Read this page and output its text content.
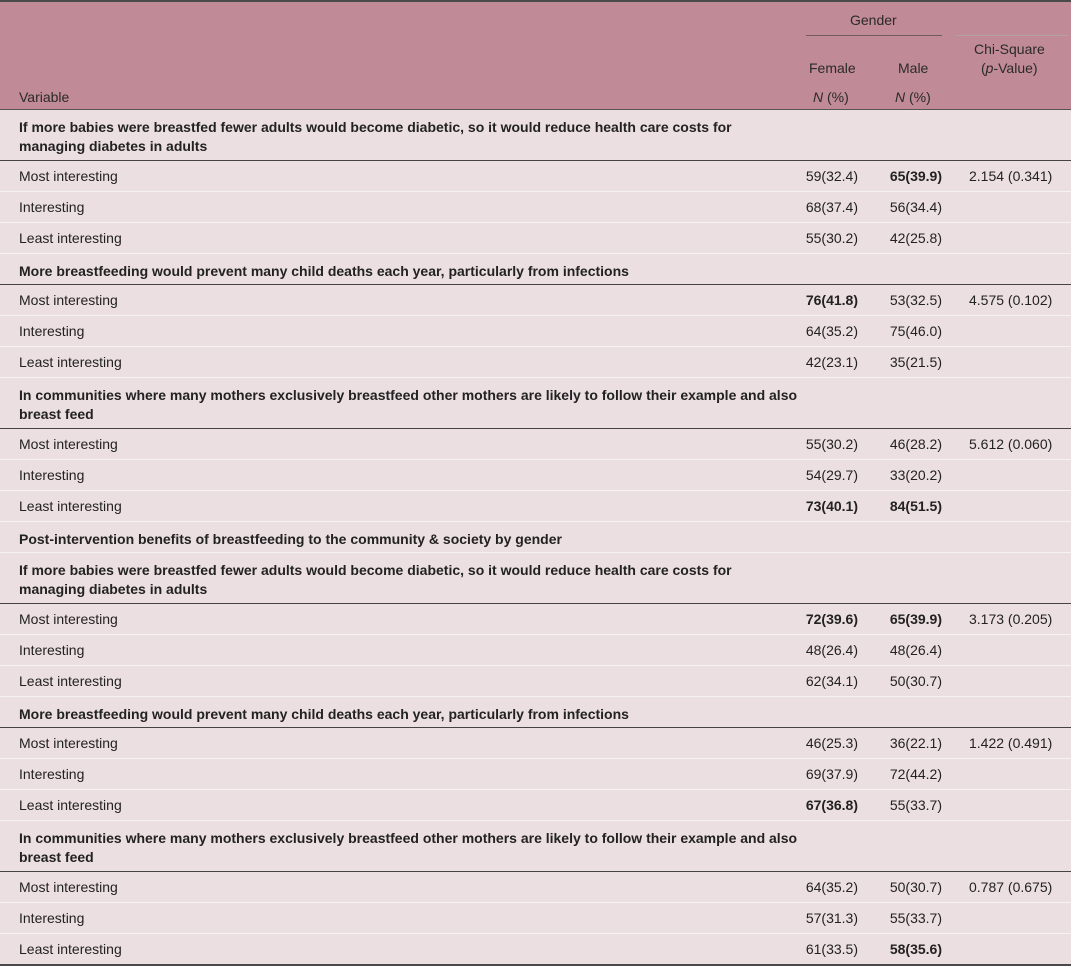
Gender
Chi-Square
(p-Value)
Female	Male
Variable	N (%)	N (%)
If more babies were breastfed fewer adults would become diabetic, so it would reduce health care costs for managing diabetes in adults
Most interesting	59(32.4) 65(39.9) 2.154 (0.341)
Interesting	68(37.4) 56(34.4)
Least interesting	55(30.2) 42(25.8)
More breastfeeding would prevent many child deaths each year, particularly from infections
Most interesting	76(41.8) 53(32.5) 4.575 (0.102)
Interesting	64(35.2) 75(46.0)
Least interesting	42(23.1) 35(21.5)
In communities where many mothers exclusively breastfeed other mothers are likely to follow their example and also breast feed
Most interesting	55(30.2) 46(28.2) 5.612 (0.060)
Interesting	54(29.7) 33(20.2)
Least interesting	73(40.1) 84(51.5)
Post-intervention benefits of breastfeeding to the community & society by gender
If more babies were breastfed fewer adults would become diabetic, so it would reduce health care costs for managing diabetes in adults
Most interesting	72(39.6) 65(39.9) 3.173 (0.205)
Interesting	48(26.4) 48(26.4)
Least interesting	62(34.1) 50(30.7)
More breastfeeding would prevent many child deaths each year, particularly from infections
Most interesting	46(25.3) 36(22.1) 1.422 (0.491)
Interesting	69(37.9) 72(44.2)
Least interesting	67(36.8) 55(33.7)
In communities where many mothers exclusively breastfeed other mothers are likely to follow their example and also breast feed
Most interesting	64(35.2) 50(30.7) 0.787 (0.675)
Interesting	57(31.3) 55(33.7)
Least interesting	61(33.5) 58(35.6)
